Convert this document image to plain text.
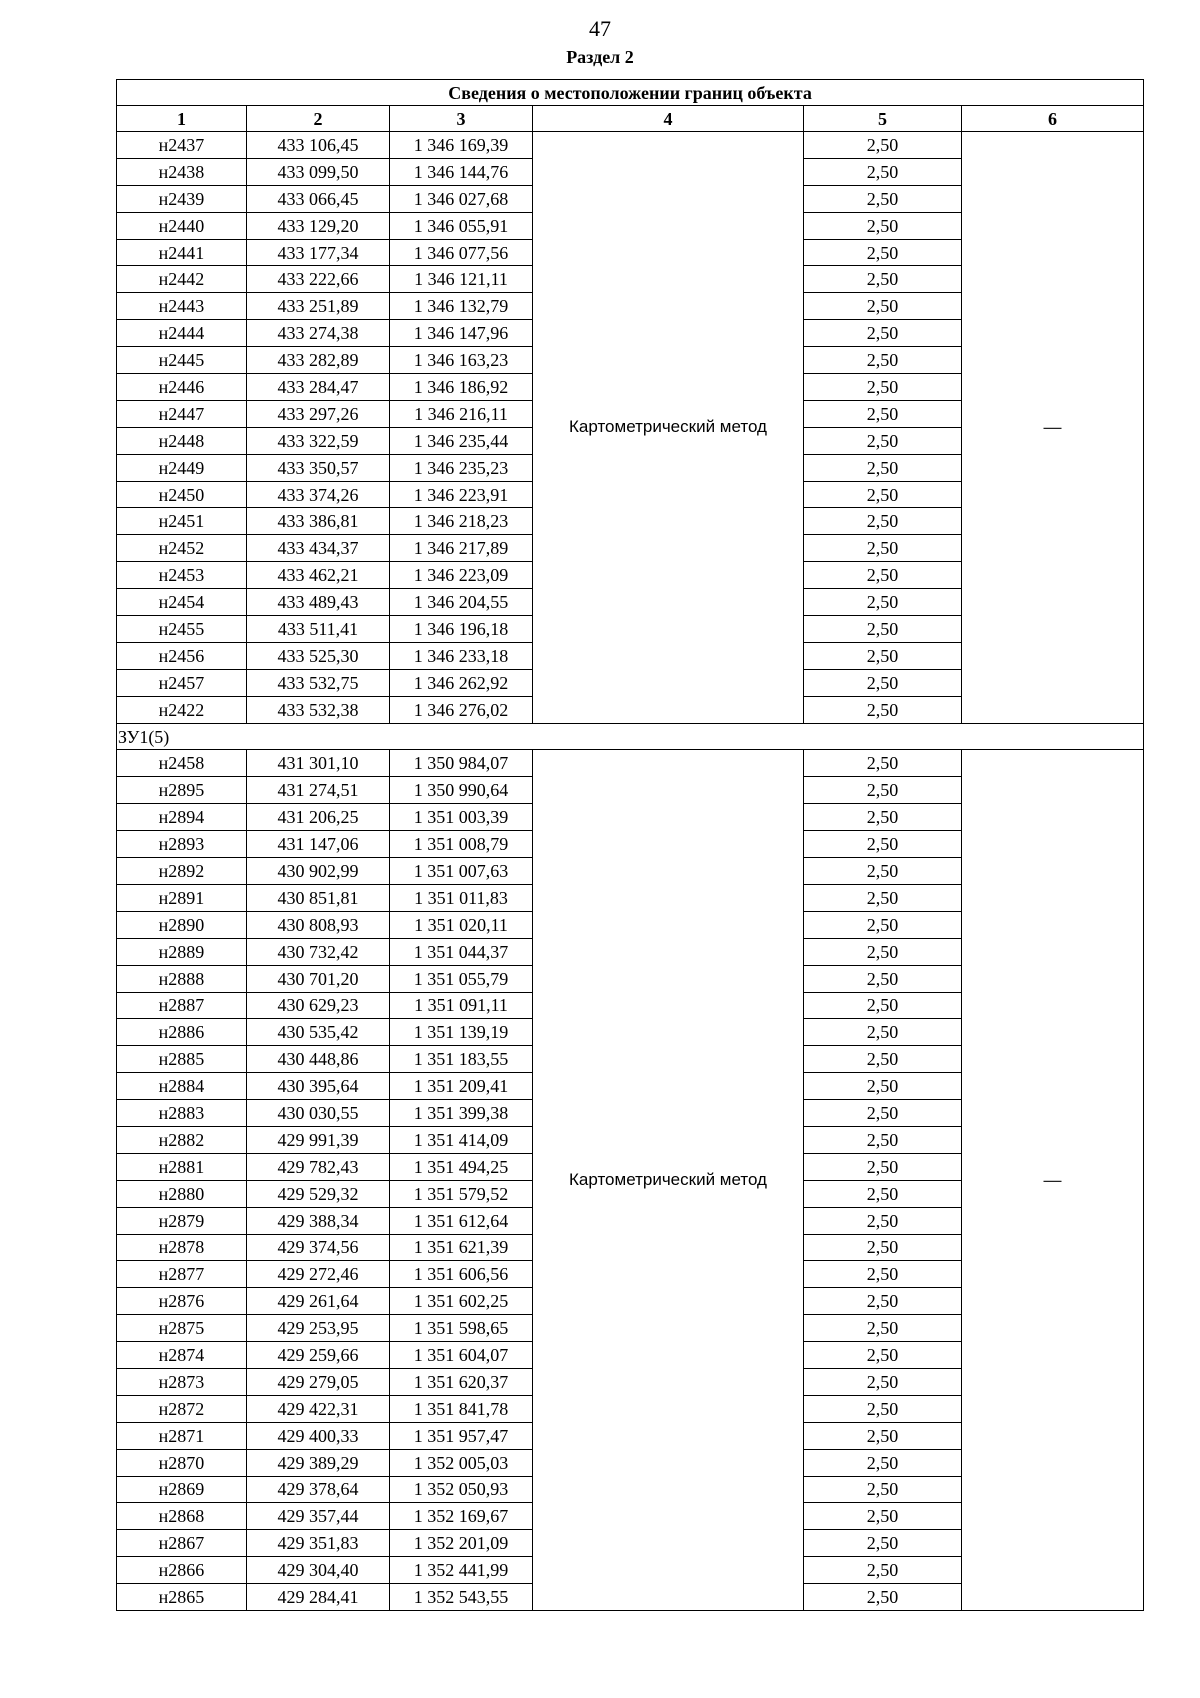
47
Раздел 2
Сведения о местоположении границ объекта					
1	2	3	4	5	6
н2437	433 106,45	1 346 169,39	Картометрический метод	2,50	—
н2438	433 099,50	1 346 144,76		2,50	
н2439	433 066,45	1 346 027,68		2,50	
н2440	433 129,20	1 346 055,91		2,50	
н2441	433 177,34	1 346 077,56		2,50	
н2442	433 222,66	1 346 121,11		2,50	
н2443	433 251,89	1 346 132,79		2,50	
н2444	433 274,38	1 346 147,96		2,50	
н2445	433 282,89	1 346 163,23		2,50	
н2446	433 284,47	1 346 186,92		2,50	
н2447	433 297,26	1 346 216,11		2,50	
н2448	433 322,59	1 346 235,44		2,50	
н2449	433 350,57	1 346 235,23		2,50	
н2450	433 374,26	1 346 223,91		2,50	
н2451	433 386,81	1 346 218,23		2,50	
н2452	433 434,37	1 346 217,89		2,50	
н2453	433 462,21	1 346 223,09		2,50	
н2454	433 489,43	1 346 204,55		2,50	
н2455	433 511,41	1 346 196,18		2,50	
н2456	433 525,30	1 346 233,18		2,50	
н2457	433 532,75	1 346 262,92		2,50	
н2422	433 532,38	1 346 276,02		2,50	
ЗУ1(5)					
н2458	431 301,10	1 350 984,07	Картометрический метод	2,50	—
н2895	431 274,51	1 350 990,64		2,50	
н2894	431 206,25	1 351 003,39		2,50	
н2893	431 147,06	1 351 008,79		2,50	
н2892	430 902,99	1 351 007,63		2,50	
н2891	430 851,81	1 351 011,83		2,50	
н2890	430 808,93	1 351 020,11		2,50	
н2889	430 732,42	1 351 044,37		2,50	
н2888	430 701,20	1 351 055,79		2,50	
н2887	430 629,23	1 351 091,11		2,50	
н2886	430 535,42	1 351 139,19		2,50	
н2885	430 448,86	1 351 183,55		2,50	
н2884	430 395,64	1 351 209,41		2,50	
н2883	430 030,55	1 351 399,38		2,50	
н2882	429 991,39	1 351 414,09		2,50	
н2881	429 782,43	1 351 494,25		2,50	
н2880	429 529,32	1 351 579,52		2,50	
н2879	429 388,34	1 351 612,64		2,50	
н2878	429 374,56	1 351 621,39		2,50	
н2877	429 272,46	1 351 606,56		2,50	
н2876	429 261,64	1 351 602,25		2,50	
н2875	429 253,95	1 351 598,65		2,50	
н2874	429 259,66	1 351 604,07		2,50	
н2873	429 279,05	1 351 620,37		2,50	
н2872	429 422,31	1 351 841,78		2,50	
н2871	429 400,33	1 351 957,47		2,50	
н2870	429 389,29	1 352 005,03		2,50	
н2869	429 378,64	1 352 050,93		2,50	
н2868	429 357,44	1 352 169,67		2,50	
н2867	429 351,83	1 352 201,09		2,50	
н2866	429 304,40	1 352 441,99		2,50	
н2865	429 284,41	1 352 543,55		2,50	
